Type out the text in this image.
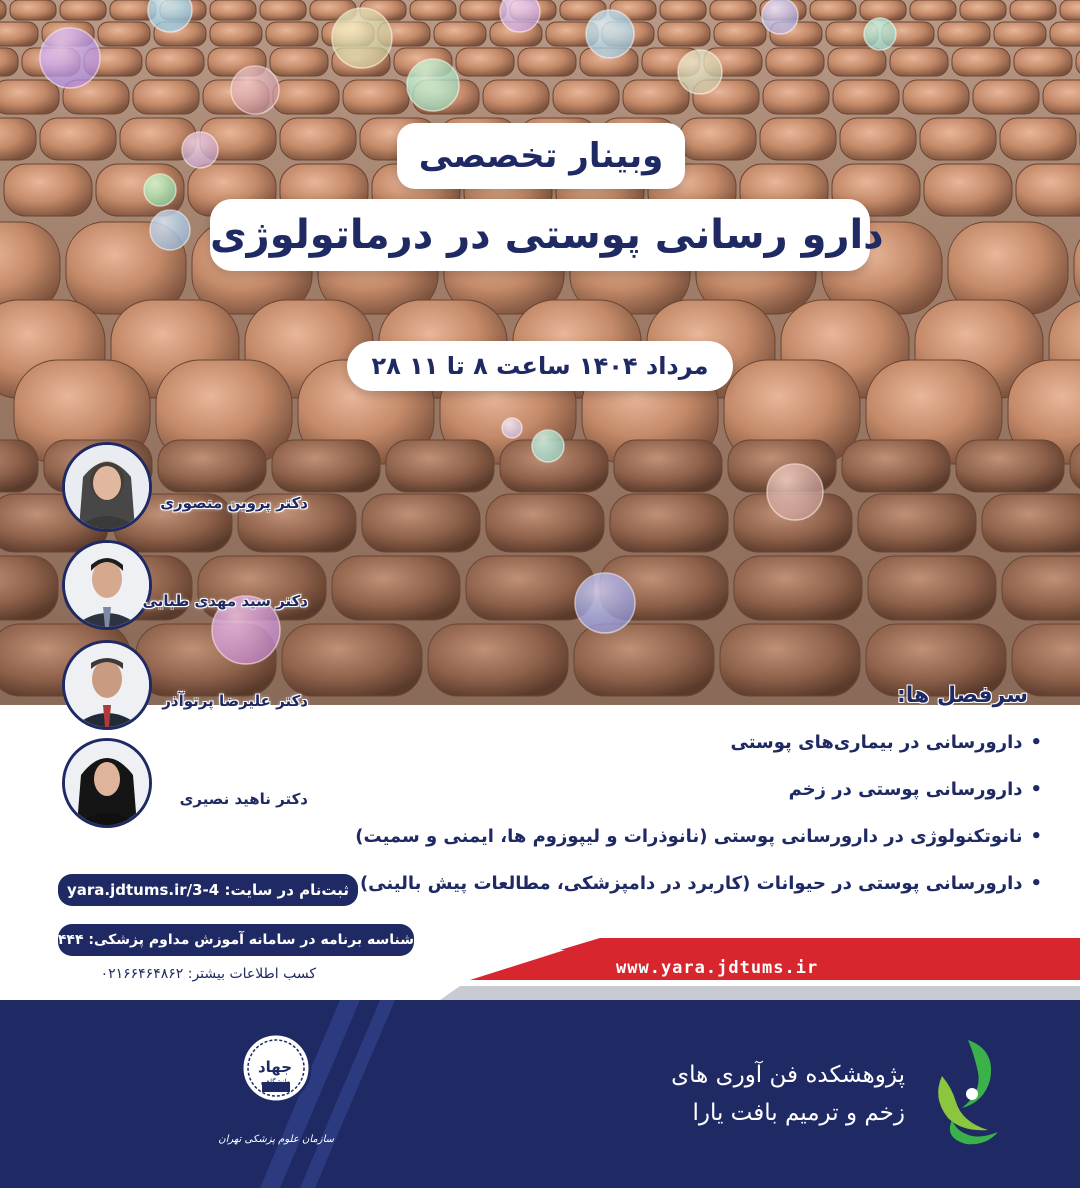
وبینار تخصصی
دارو رسانی پوستی در درماتولوژی
۲۸ مرداد ۱۴۰۴ ساعت ۸ تا ۱۱
www.yara.jdtums.ir
دکتر پروین منصوری
دکتر سید مهدی طبایی
دکتر علیرضا پرتوآذر
دکتر ناهید نصیری
سرفصل ها:
•دارورسانی در بیماری‌های پوستی
•دارورسانی پوستی در زخم
•نانوتکنولوژی در دارورسانی پوستی (نانوذرات و لیپوزوم ها، ایمنی و سمیت)
•دارورسانی پوستی در حیوانات (کاربرد در دامپزشکی، مطالعات پیش بالینی)
ثبت‌نام در سایت: yara.jdtums.ir/3-4
شناسه برنامه در سامانه آموزش مداوم پزشکی: ۳۳۶۴۴۴
کسب اطلاعات بیشتر: ۰۲۱۶۶۴۶۴۸۶۲
پژوهشکده فن آوری های
زخم و ترمیم بافت یارا
جهاد
دانشگاهی
سازمان علوم پزشکی تهران
